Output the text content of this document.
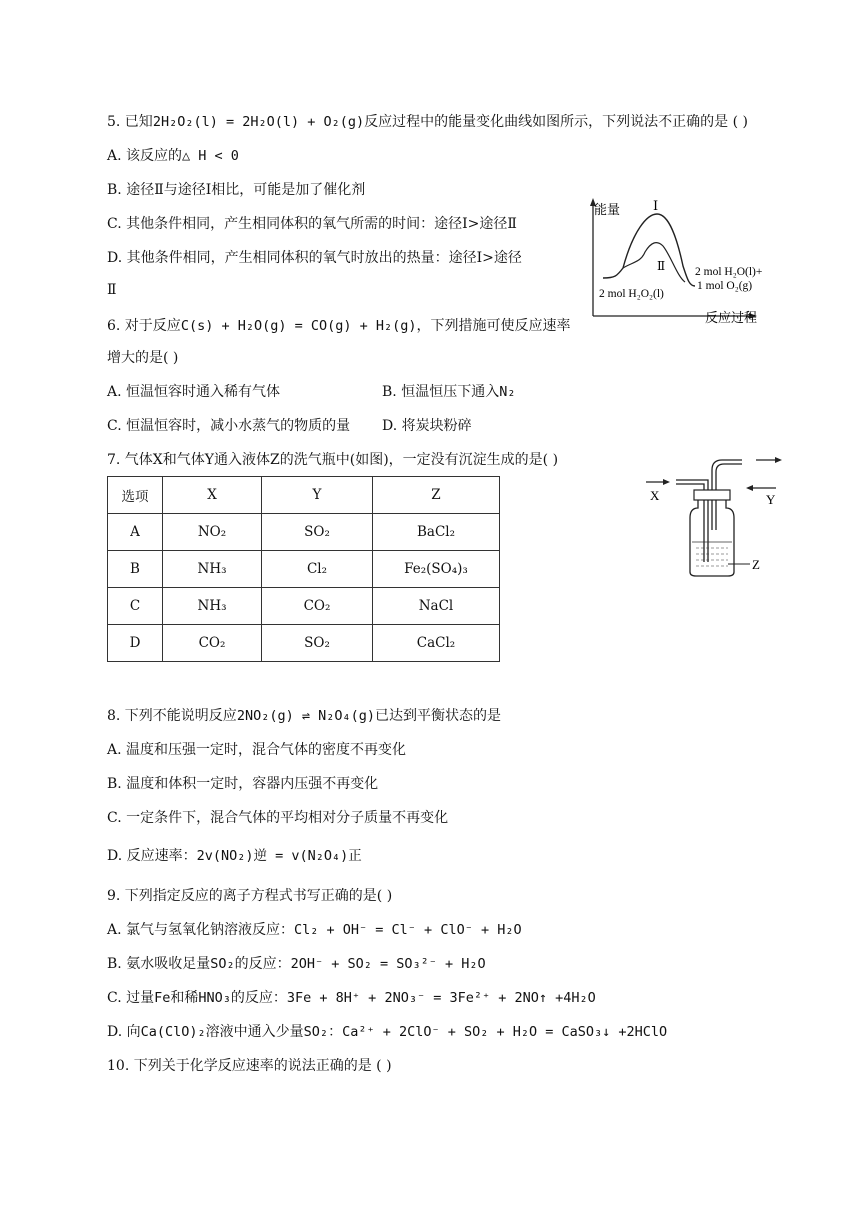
5. 已知2H₂O₂(l) = 2H₂O(l) + O₂(g)反应过程中的能量变化曲线如图所示，下列说法不正确的是 ( )
A. 该反应的△ H < 0
B. 途径Ⅱ与途径Ⅰ相比，可能是加了催化剂
C. 其他条件相同，产生相同体积的氧气所需的时间：途径Ⅰ>途径Ⅱ
D. 其他条件相同，产生相同体积的氧气时放出的热量：途径Ⅰ>途径
Ⅱ
能量	Ⅰ
Ⅱ
2 mol H₂O₂(l)
2 mol H₂O(l)+
1 mol O₂(g)
反应过程
6. 对于反应C(s) + H₂O(g) = CO(g) + H₂(g)，下列措施可使反应速率
增大的是( )
A. 恒温恒容时通入稀有气体	B. 恒温恒压下通入N₂
C. 恒温恒容时，减小水蒸气的物质的量 D. 将炭块粉碎
7. 气体X和气体Y通入液体Z的洗气瓶中(如图)，一定没有沉淀生成的是( )
选项	X	Y	Z
A	NO₂	SO₂	BaCl₂
B	NH₃	Cl₂	Fe₂(SO₄)₃
C	NH₃	CO₂	NaCl
D	CO₂	SO₂	CaCl₂
X	Y
Z
8. 下列不能说明反应2NO₂(g) ⇌ N₂O₄(g)已达到平衡状态的是
A. 温度和压强一定时，混合气体的密度不再变化
B. 温度和体积一定时，容器内压强不再变化
C. 一定条件下，混合气体的平均相对分子质量不再变化
D. 反应速率：2v(NO₂)逆 = v(N₂O₄)正
9. 下列指定反应的离子方程式书写正确的是( )
A. 氯气与氢氧化钠溶液反应：Cl₂ + OH⁻ = Cl⁻ + ClO⁻ + H₂O
B. 氨水吸收足量SO₂的反应：2OH⁻ + SO₂ = SO₃²⁻ + H₂O
C. 过量Fe和稀HNO₃的反应：3Fe + 8H⁺ + 2NO₃⁻ = 3Fe²⁺ + 2NO↑ +4H₂O
D. 向Ca(ClO)₂溶液中通入少量SO₂：Ca²⁺ + 2ClO⁻ + SO₂ + H₂O = CaSO₃↓ +2HClO
10. 下列关于化学反应速率的说法正确的是 ( )
